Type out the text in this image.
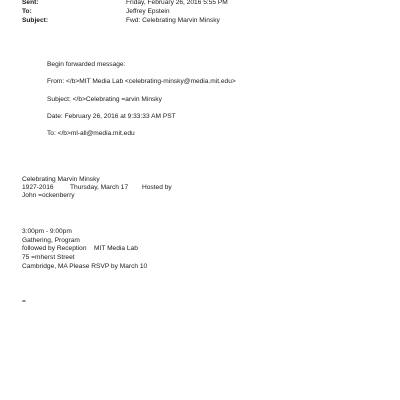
Sent:	Friday, February 26, 2016 5:55 PM
To:	Jeffrey Epstein
Subject:	Fwd: Celebrating Marvin Minsky
Begin forwarded message:
From: </b>MIT Media Lab <celebrating-minsky@media.mit.edu>
Subject: </b>Celebrating =arvin Minsky
Date: February 26, 2016 at 9:33:33 AM PST
To: </b>ml-all@media.mit.edu
Celebrating Marvin Minsky
1927-2016 Thursday, March 17 Hosted by
John =ockenberry
3:00pm - 9:00pm
Gathering, Program
followed by Reception MIT Media Lab
75 =mherst Street
Cambridge, MA Please RSVP by March 10
=
